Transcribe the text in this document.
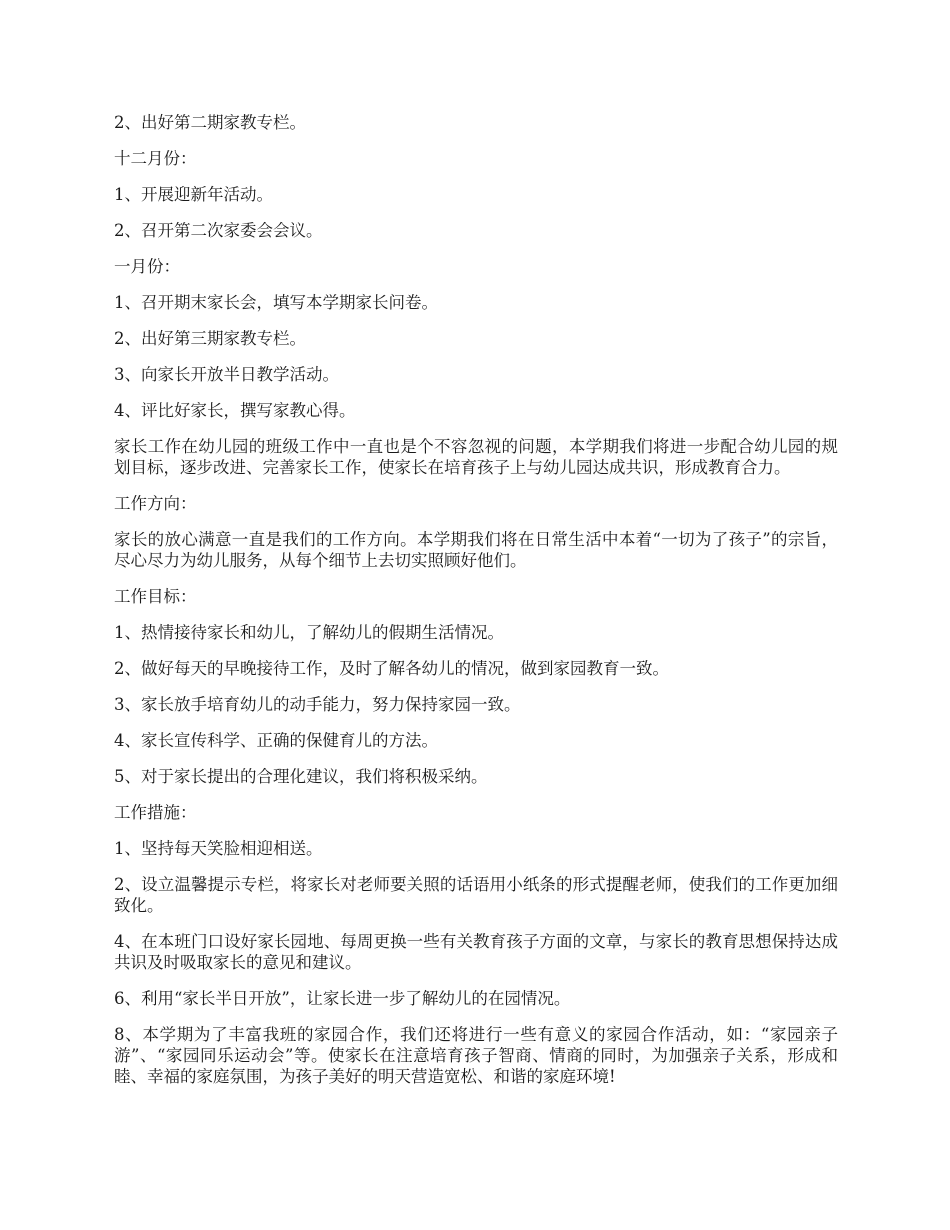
2、出好第二期家教专栏。

十二月份：

1、开展迎新年活动。

2、召开第二次家委会会议。

一月份：

1、召开期末家长会，填写本学期家长问卷。

2、出好第三期家教专栏。

3、向家长开放半日教学活动。

4、评比好家长，撰写家教心得。

家长工作在幼儿园的班级工作中一直也是个不容忽视的问题，本学期我们将进一步配合幼儿园的规划目标，逐步改进、完善家长工作，使家长在培育孩子上与幼儿园达成共识，形成教育合力。

工作方向：

家长的放心满意一直是我们的工作方向。本学期我们将在日常生活中本着“一切为了孩子”的宗旨，尽心尽力为幼儿服务，从每个细节上去切实照顾好他们。

工作目标：

1、热情接待家长和幼儿，了解幼儿的假期生活情况。

2、做好每天的早晚接待工作，及时了解各幼儿的情况，做到家园教育一致。

3、家长放手培育幼儿的动手能力，努力保持家园一致。

4、家长宣传科学、正确的保健育儿的方法。

5、对于家长提出的合理化建议，我们将积极采纳。

工作措施：

1、坚持每天笑脸相迎相送。

2、设立温馨提示专栏，将家长对老师要关照的话语用小纸条的形式提醒老师，使我们的工作更加细致化。

4、在本班门口设好家长园地、每周更换一些有关教育孩子方面的文章，与家长的教育思想保持达成共识及时吸取家长的意见和建议。

6、利用“家长半日开放”，让家长进一步了解幼儿的在园情况。

8、本学期为了丰富我班的家园合作，我们还将进行一些有意义的家园合作活动，如：“家园亲子游”、“家园同乐运动会”等。使家长在注意培育孩子智商、情商的同时，为加强亲子关系，形成和睦、幸福的家庭氛围，为孩子美好的明天营造宽松、和谐的家庭环境!
